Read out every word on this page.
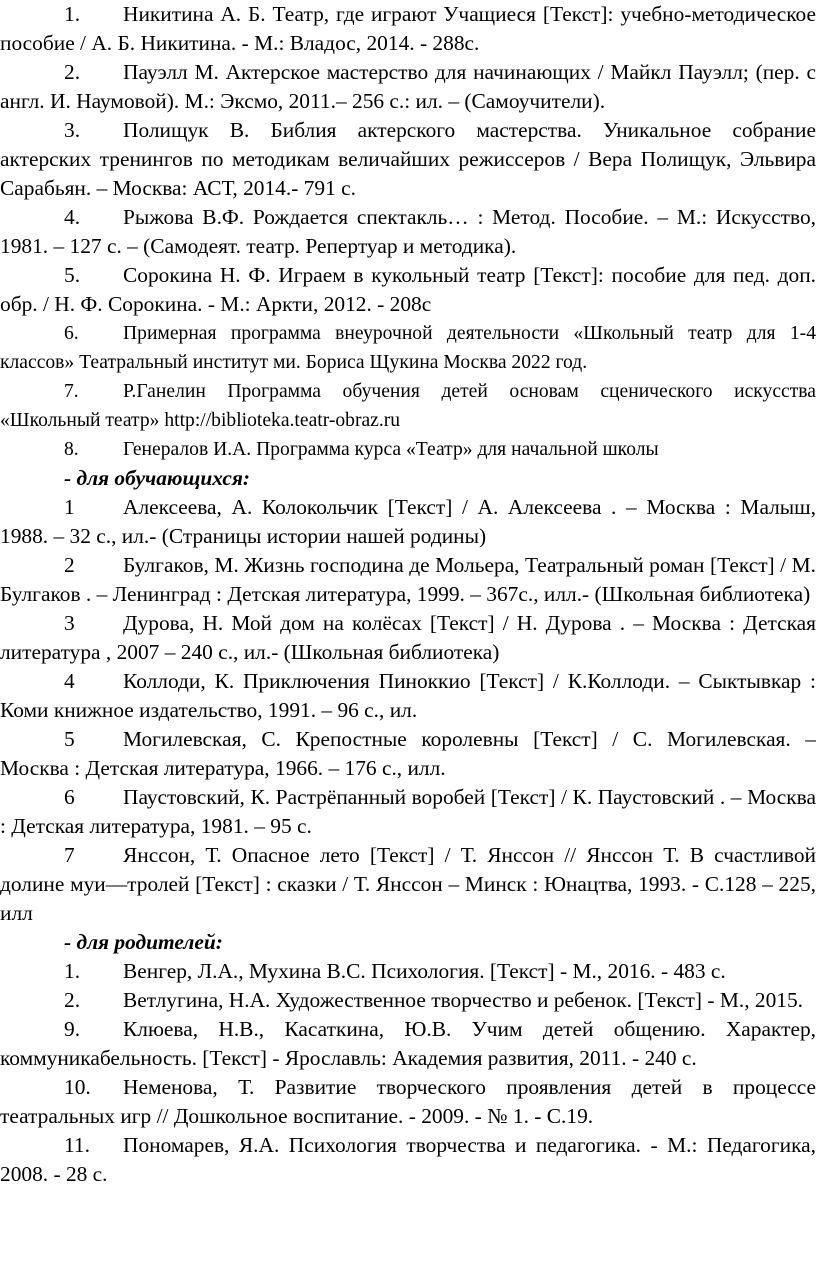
1. Никитина А. Б. Театр, где играют Учащиеся [Текст]: учебно-методическое пособие / А. Б. Никитина. - М.: Владос, 2014. - 288с.

2. Пауэлл М. Актерское мастерство для начинающих / Майкл Пауэлл; (пер. с англ. И. Наумовой). М.: Эксмо, 2011.– 256 с.: ил. – (Самоучители).

3. Полищук В. Библия актерского мастерства. Уникальное собрание актерских тренингов по методикам величайших режиссеров / Вера Полищук, Эльвира Сарабьян. – Москва: АСТ, 2014.- 791 с.

4. Рыжова В.Ф. Рождается спектакль… : Метод. Пособие. – М.: Искусство, 1981. – 127 с. – (Самодеят. театр. Репертуар и методика).

5. Сорокина Н. Ф. Играем в кукольный театр [Текст]: пособие для пед. доп. обр. / Н. Ф. Сорокина. - М.: Аркти, 2012. - 208с

6. Примерная программа внеурочной деятельности «Школьный театр для 1-4 классов» Театральный институт ми. Бориса Щукина Москва 2022 год.

7. Р.Ганелин Программа обучения детей основам сценического искусства «Школьный театр» http://biblioteka.teatr-obraz.ru

8. Генералов И.А. Программа курса «Театр» для начальной школы

- для обучающихся:

1 Алексеева, А. Колокольчик [Текст] / А. Алексеева . – Москва : Малыш, 1988. – 32 с., ил.- (Страницы истории нашей родины)

2 Булгаков, М. Жизнь господина де Мольера, Театральный роман [Текст] / М. Булгаков . – Ленинград : Детская литература, 1999. – 367с., илл.- (Школьная библиотека)

3 Дурова, Н. Мой дом на колёсах [Текст] / Н. Дурова . – Москва : Детская литература , 2007 – 240 с., ил.- (Школьная библиотека)

4 Коллоди, К. Приключения Пиноккио [Текст] / К.Коллоди. – Сыктывкар : Коми книжное издательство, 1991. – 96 с., ил.

5 Могилевская, С. Крепостные королевны [Текст] / С. Могилевская. – Москва : Детская литература, 1966. – 176 с., илл.

6 Паустовский, К. Растрёпанный воробей [Текст] / К. Паустовский . – Москва : Детская литература, 1981. – 95 с.

7 Янссон, Т. Опасное лето [Текст] / Т. Янссон // Янссон Т. В счастливой долине муи—тролей [Текст] : сказки / Т. Янссон – Минск : Юнацтва, 1993. - С.128 – 225, илл

- для родителей:

1. Венгер, Л.А., Мухина В.С. Психология. [Текст] - М., 2016. - 483 с.

2. Ветлугина, Н.А. Художественное творчество и ребенок. [Текст] - М., 2015.

9. Клюева, Н.В., Касаткина, Ю.В. Учим детей общению. Характер, коммуникабельность. [Текст] - Ярославль: Академия развития, 2011. - 240 с.

10. Неменова, Т. Развитие творческого проявления детей в процессе театральных игр // Дошкольное воспитание. - 2009. - № 1. - С.19.

11. Пономарев, Я.А. Психология творчества и педагогика. - М.: Педагогика, 2008. - 28 с.
